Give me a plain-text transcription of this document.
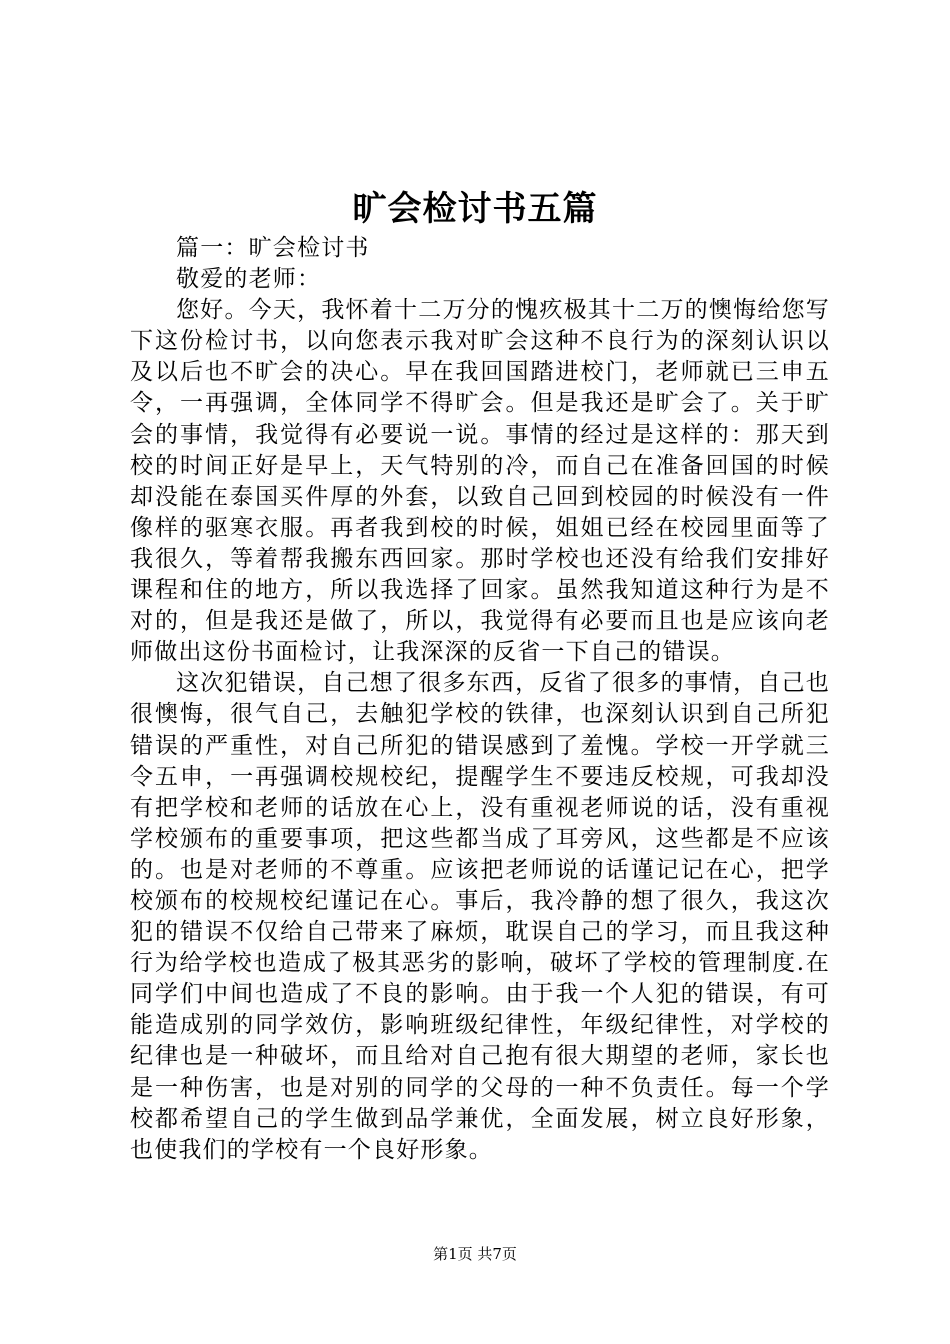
旷会检讨书五篇

篇一：旷会检讨书

敬爱的老师：

您好。今天，我怀着十二万分的愧疚极其十二万的懊悔给您写下这份检讨书，以向您表示我对旷会这种不良行为的深刻认识以及以后也不旷会的决心。早在我回国踏进校门，老师就已三申五令，一再强调，全体同学不得旷会。但是我还是旷会了。关于旷会的事情，我觉得有必要说一说。事情的经过是这样的：那天到校的时间正好是早上，天气特别的冷，而自己在准备回国的时候却没能在泰国买件厚的外套，以致自己回到校园的时候没有一件像样的驱寒衣服。再者我到校的时候，姐姐已经在校园里面等了我很久，等着帮我搬东西回家。那时学校也还没有给我们安排好课程和住的地方，所以我选择了回家。虽然我知道这种行为是不对的，但是我还是做了，所以，我觉得有必要而且也是应该向老师做出这份书面检讨，让我深深的反省一下自己的错误。

这次犯错误，自己想了很多东西，反省了很多的事情，自己也很懊悔，很气自己，去触犯学校的铁律，也深刻认识到自己所犯错误的严重性，对自己所犯的错误感到了羞愧。学校一开学就三令五申，一再强调校规校纪，提醒学生不要违反校规，可我却没有把学校和老师的话放在心上，没有重视老师说的话，没有重视学校颁布的重要事项，把这些都当成了耳旁风，这些都是不应该的。也是对老师的不尊重。应该把老师说的话谨记记在心，把学校颁布的校规校纪谨记在心。事后，我冷静的想了很久，我这次犯的错误不仅给自己带来了麻烦，耽误自己的学习，而且我这种行为给学校也造成了极其恶劣的影响，破坏了学校的管理制度.在同学们中间也造成了不良的影响。由于我一个人犯的错误，有可能造成别的同学效仿，影响班级纪律性，年级纪律性，对学校的纪律也是一种破坏，而且给对自己抱有很大期望的老师，家长也是一种伤害，也是对别的同学的父母的一种不负责任。每一个学校都希望自己的学生做到品学兼优，全面发展，树立良好形象，也使我们的学校有一个良好形象。

第1页 共7页
